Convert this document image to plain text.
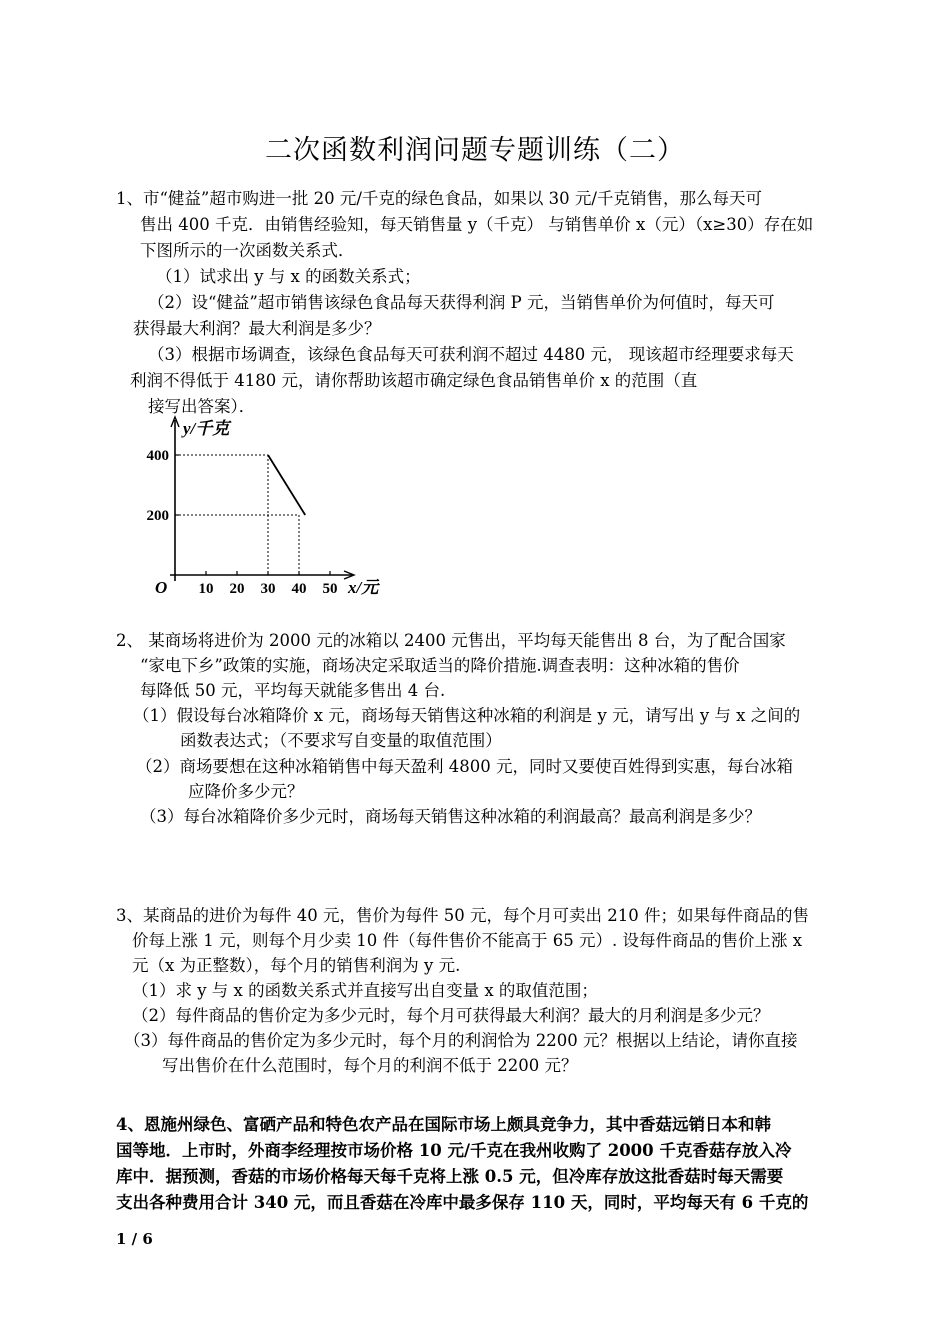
二次函数利润问题专题训练（二）
1、市“健益”超市购进一批 20 元/千克的绿色食品，如果以 30 元/千克销售，那么每天可
售出 400 千克．由销售经验知，每天销售量 y（千克） 与销售单价 x（元）（x≥30）存在如
下图所示的一次函数关系式．
（1）试求出 y 与 x 的函数关系式；
（2）设“健益”超市销售该绿色食品每天获得利润 P 元，当销售单价为何值时，每天可
获得最大利润？最大利润是多少？
（3）根据市场调查，该绿色食品每天可获利润不超过 4480 元， 现该超市经理要求每天
利润不得低于 4180 元，请你帮助该超市确定绿色食品销售单价 x 的范围（直
接写出答案）．
y/千克
x/元
O 10 20 30 40 50
200
400
2、 某商场将进价为 2000 元的冰箱以 2400 元售出，平均每天能售出 8 台，为了配合国家
“家电下乡”政策的实施，商场决定采取适当的降价措施.调查表明：这种冰箱的售价
每降低 50 元，平均每天就能多售出 4 台.
（1）假设每台冰箱降价 x 元，商场每天销售这种冰箱的利润是 y 元，请写出 y 与 x 之间的
函数表达式；（不要求写自变量的取值范围）
（2）商场要想在这种冰箱销售中每天盈利 4800 元，同时又要使百姓得到实惠，每台冰箱
应降价多少元？
（3）每台冰箱降价多少元时，商场每天销售这种冰箱的利润最高？最高利润是多少？
3、某商品的进价为每件 40 元，售价为每件 50 元，每个月可卖出 210 件；如果每件商品的售
价每上涨 1 元，则每个月少卖 10 件（每件售价不能高于 65 元）. 设每件商品的售价上涨 x
元（x 为正整数），每个月的销售利润为 y 元.
（1）求 y 与 x 的函数关系式并直接写出自变量 x 的取值范围；
（2）每件商品的售价定为多少元时，每个月可获得最大利润？最大的月利润是多少元？
（3）每件商品的售价定为多少元时，每个月的利润恰为 2200 元？根据以上结论，请你直接
写出售价在什么范围时，每个月的利润不低于 2200 元？
4、恩施州绿色、富硒产品和特色农产品在国际市场上颇具竞争力，其中香菇远销日本和韩
国等地．上市时，外商李经理按市场价格 10 元/千克在我州收购了 2000 千克香菇存放入冷
库中．据预测，香菇的市场价格每天每千克将上涨 0.5 元，但冷库存放这批香菇时每天需要
支出各种费用合计 340 元，而且香菇在冷库中最多保存 110 天，同时，平均每天有 6 千克的
1 / 6
